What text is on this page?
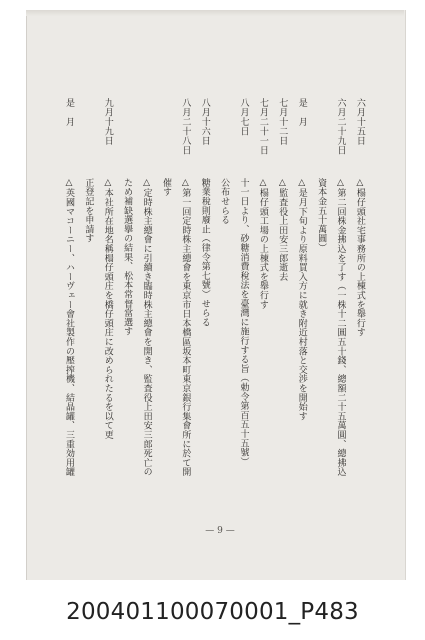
六月十五日
△榻仔頭社宅事務所の上棟式を舉行す
六月二十九日
△第二回株金拂込を了す（一株十二圓五十錢、總額二十五萬圓、總拂込
資本金五十萬圓）
是　月
△是月下旬より原料買入方に就き附近村落と交渉を開始す
七月十二日
△監査役上田安三郎逝去
七月二十一日
△榻仔頭工場の上棟式を舉行す
八月七日
十一日より、砂糖消費稅法を臺灣に施行する旨（勅令第百五十五號）
公布せらる
八月十六日
糖業稅則廢止（律令第七號）せらる
八月二十八日
△第一回定時株主總會を東京市日本橋區坂本町東京銀行集會所に於て開
催す
△定時株主總會に引續き臨時株主總會を開き、監査役上田安三郎死亡の
ため補缺選擧の結果、松本常督當選す
九月十九日
△本社所在地名稱榻仔頭庄を橋仔頭庄に改められたるを以て更
正登記を申請す
是　月
△英國マコーニー、ハーヴェー會社製作の壓搾機、結晶罐、三重効用罐
— 9 —
200401100070001_P483
